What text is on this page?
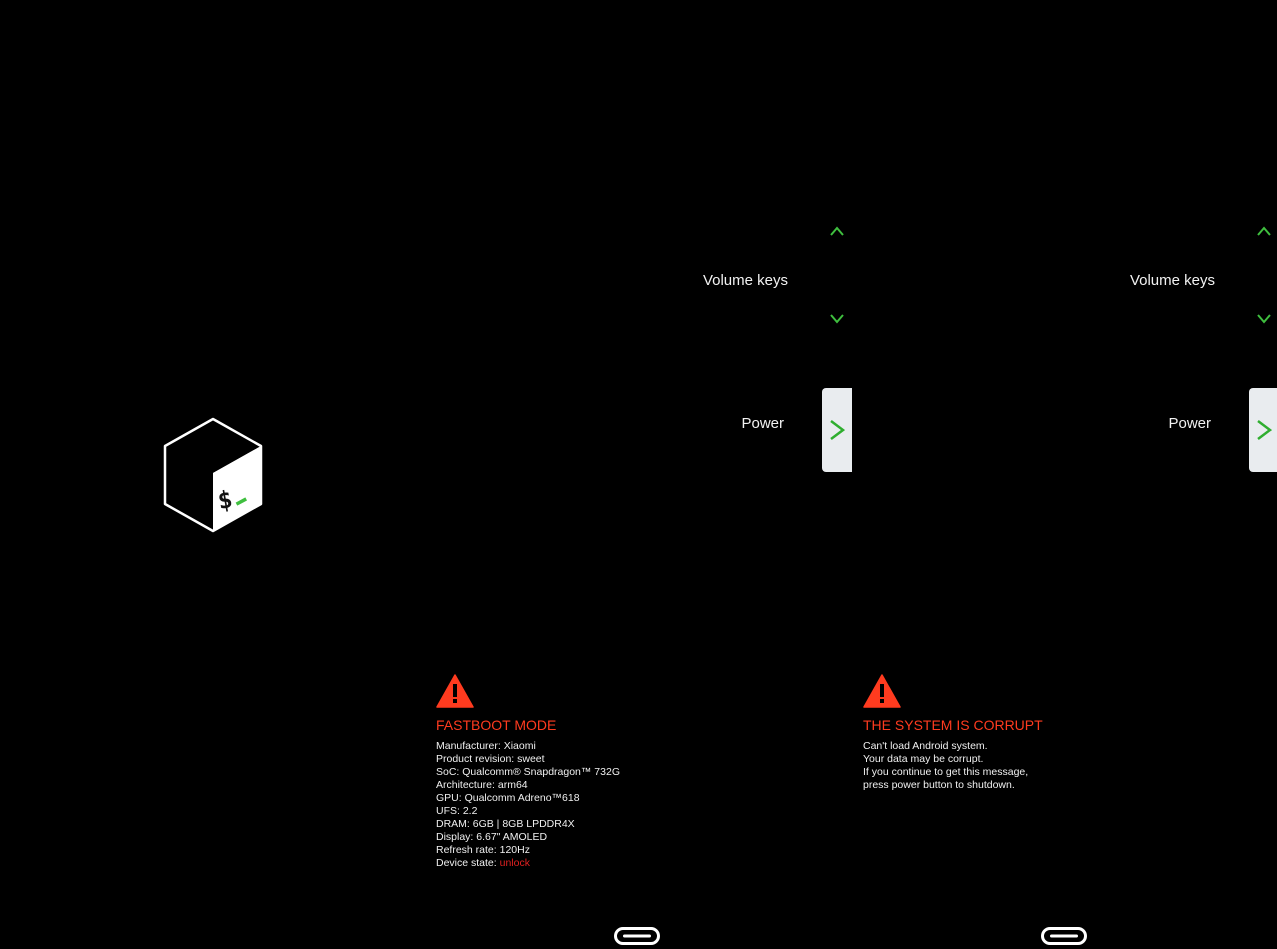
$
Volume keys
Power
FASTBOOT MODE
Manufacturer: Xiaomi
Product revision: sweet
SoC: Qualcomm® Snapdragon™ 732G
Architecture: arm64
GPU: Qualcomm Adreno™618
UFS: 2.2
DRAM: 6GB | 8GB LPDDR4X
Display: 6.67" AMOLED
Refresh rate: 120Hz
Device state: unlock
Volume keys
Power
THE SYSTEM IS CORRUPT
Can't load Android system.
Your data may be corrupt.
If you continue to get this message,
press power button to shutdown.
